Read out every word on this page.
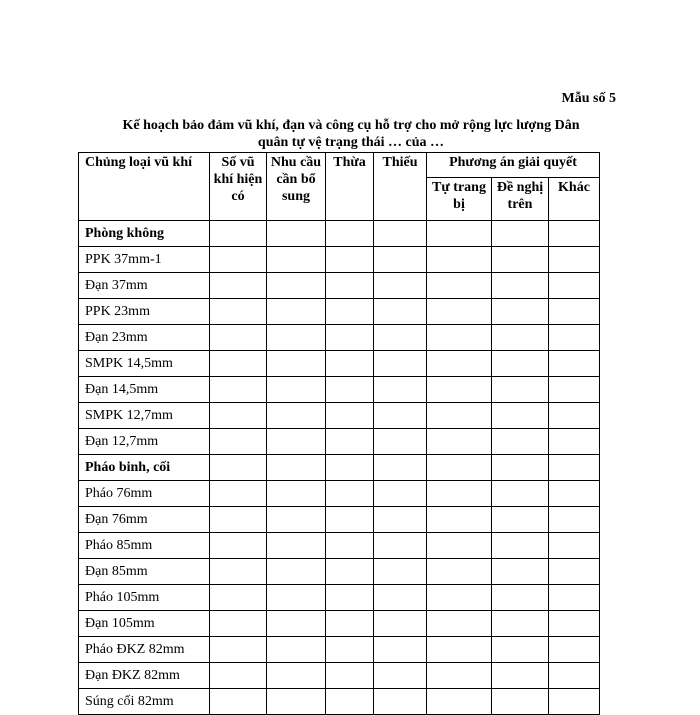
Mẫu số 5
Kế hoạch bảo đảm vũ khí, đạn và công cụ hỗ trợ cho mở rộng lực lượng Dân
quân tự vệ trạng thái … của …
Chủng loại vũ khí	Số vũ khí hiện có	Nhu cầu cần bổ sung	Thừa	Thiếu	Phương án giải quyết		
					Tự trang bị	Đề nghị trên	Khác
Phòng không							
PPK 37mm-1							
Đạn 37mm							
PPK 23mm							
Đạn 23mm							
SMPK 14,5mm							
Đạn 14,5mm							
SMPK 12,7mm							
Đạn 12,7mm							
Pháo binh, cối							
Pháo 76mm							
Đạn 76mm							
Pháo 85mm							
Đạn 85mm							
Pháo 105mm							
Đạn 105mm							
Pháo ĐKZ 82mm							
Đạn ĐKZ 82mm							
Súng cối 82mm							
